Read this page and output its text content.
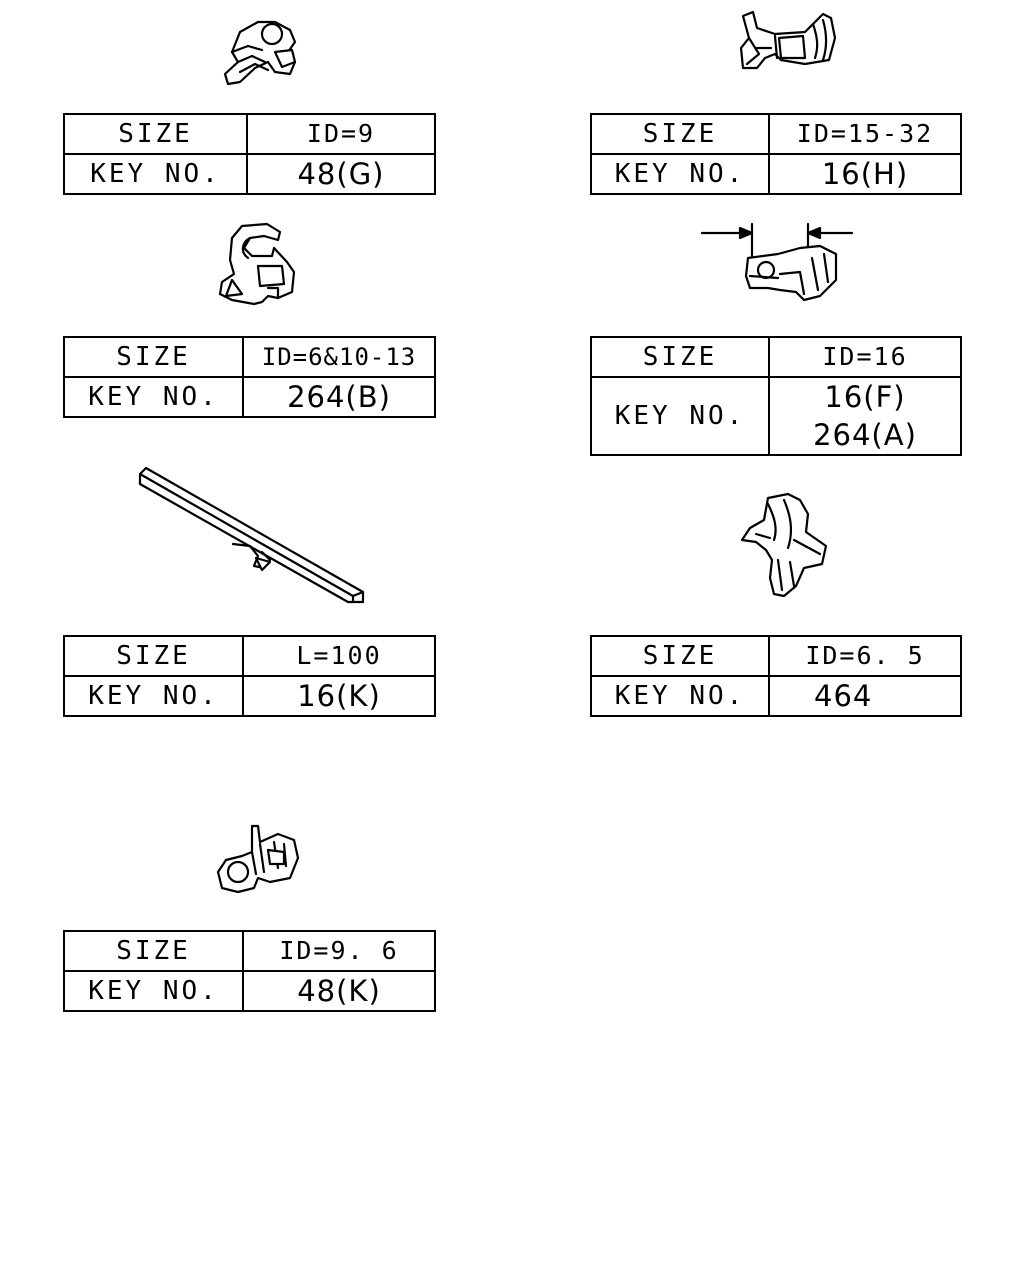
SIZE	ID=9
KEY NO.	48(G)
SIZE	ID=15-32
KEY NO.	16(H)
SIZE	ID=6&10-13
KEY NO.	264(B)
SIZE	ID=16
KEY NO.	16(F)
264(A)
SIZE	L=100
KEY NO.	16(K)
SIZE	ID=6. 5
KEY NO.	464
SIZE	ID=9. 6
KEY NO.	48(K)
